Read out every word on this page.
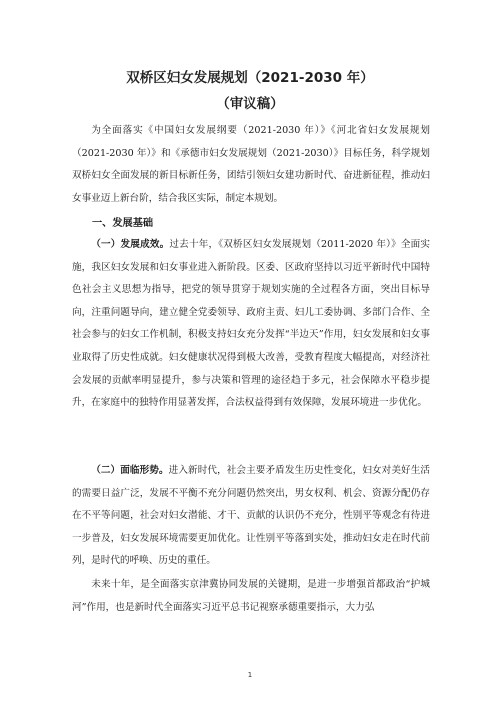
双桥区妇女发展规划（2021-2030 年）
（审议稿）
为全面落实《中国妇女发展纲要（2021-2030 年）》《河北省妇女发展规划（2021-2030 年）》和《承德市妇女发展规划（2021-2030）》目标任务，科学规划双桥妇女全面发展的新目标新任务，团结引领妇女建功新时代、奋进新征程，推动妇女事业迈上新台阶，结合我区实际，制定本规划。
一、发展基础
（一）发展成效。过去十年，《双桥区妇女发展规划（2011-2020 年）》全面实施，我区妇女发展和妇女事业进入新阶段。区委、区政府坚持以习近平新时代中国特色社会主义思想为指导，把党的领导贯穿于规划实施的全过程各方面，突出目标导向，注重问题导向，建立健全党委领导、政府主责、妇儿工委协调、多部门合作、全社会参与的妇女工作机制，积极支持妇女充分发挥“半边天”作用，妇女发展和妇女事业取得了历史性成就。妇女健康状况得到极大改善，受教育程度大幅提高，对经济社会发展的贡献率明显提升，参与决策和管理的途径趋于多元，社会保障水平稳步提升，在家庭中的独特作用显著发挥，合法权益得到有效保障，发展环境进一步优化。
（二）面临形势。进入新时代，社会主要矛盾发生历史性变化，妇女对美好生活的需要日益广泛，发展不平衡不充分问题仍然突出，男女权利、机会、资源分配仍存在不平等问题，社会对妇女潜能、才干、贡献的认识仍不充分，性别平等观念有待进一步普及，妇女发展环境需要更加优化。让性别平等落到实处，推动妇女走在时代前列，是时代的呼唤、历史的重任。
未来十年，是全面落实京津冀协同发展的关键期，是进一步增强首都政治“护城河”作用，也是新时代全面落实习近平总书记视察承德重要指示，大力弘
1
